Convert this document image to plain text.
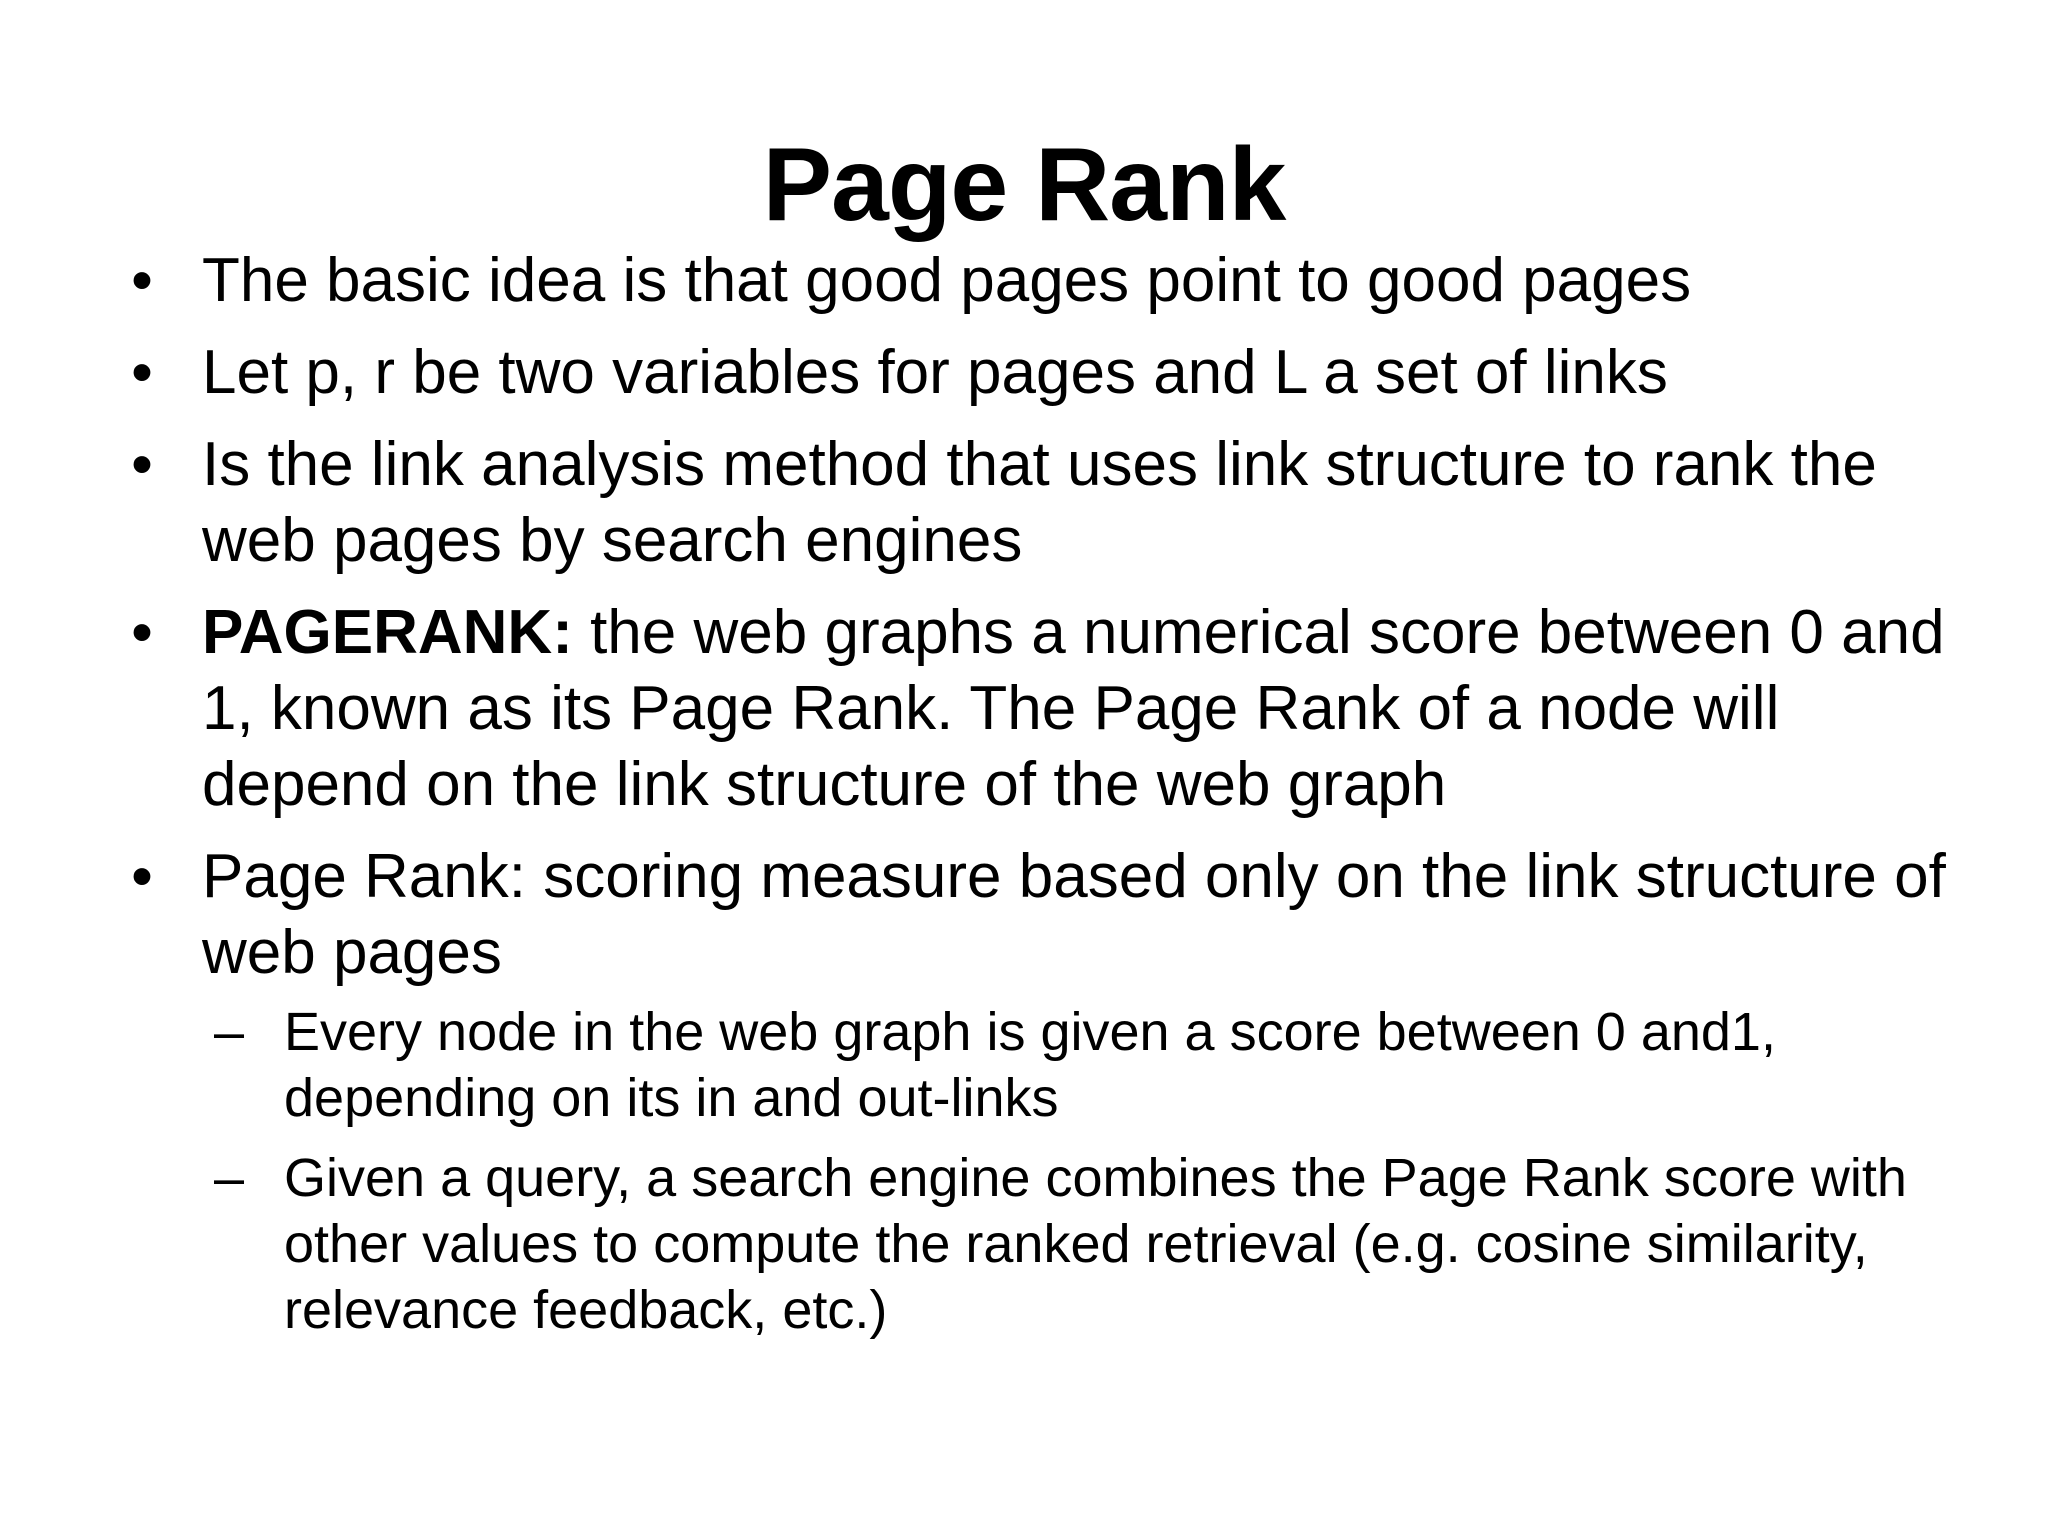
Page Rank
• The basic idea is that good pages point to good pages
• Let p, r be two variables for pages and L a set of links
• Is the link analysis method that uses link structure to rank the web pages by search engines
• PAGERANK: the web graphs a numerical score between 0 and 1, known as its Page Rank. The Page Rank of a node will depend on the link structure of the web graph
• Page Rank: scoring measure based only on the link structure of web pages
– Every node in the web graph is given a score between 0 and1, depending on its in and out-links
– Given a query, a search engine combines the Page Rank score with other values to compute the ranked retrieval (e.g. cosine similarity, relevance feedback, etc.)
